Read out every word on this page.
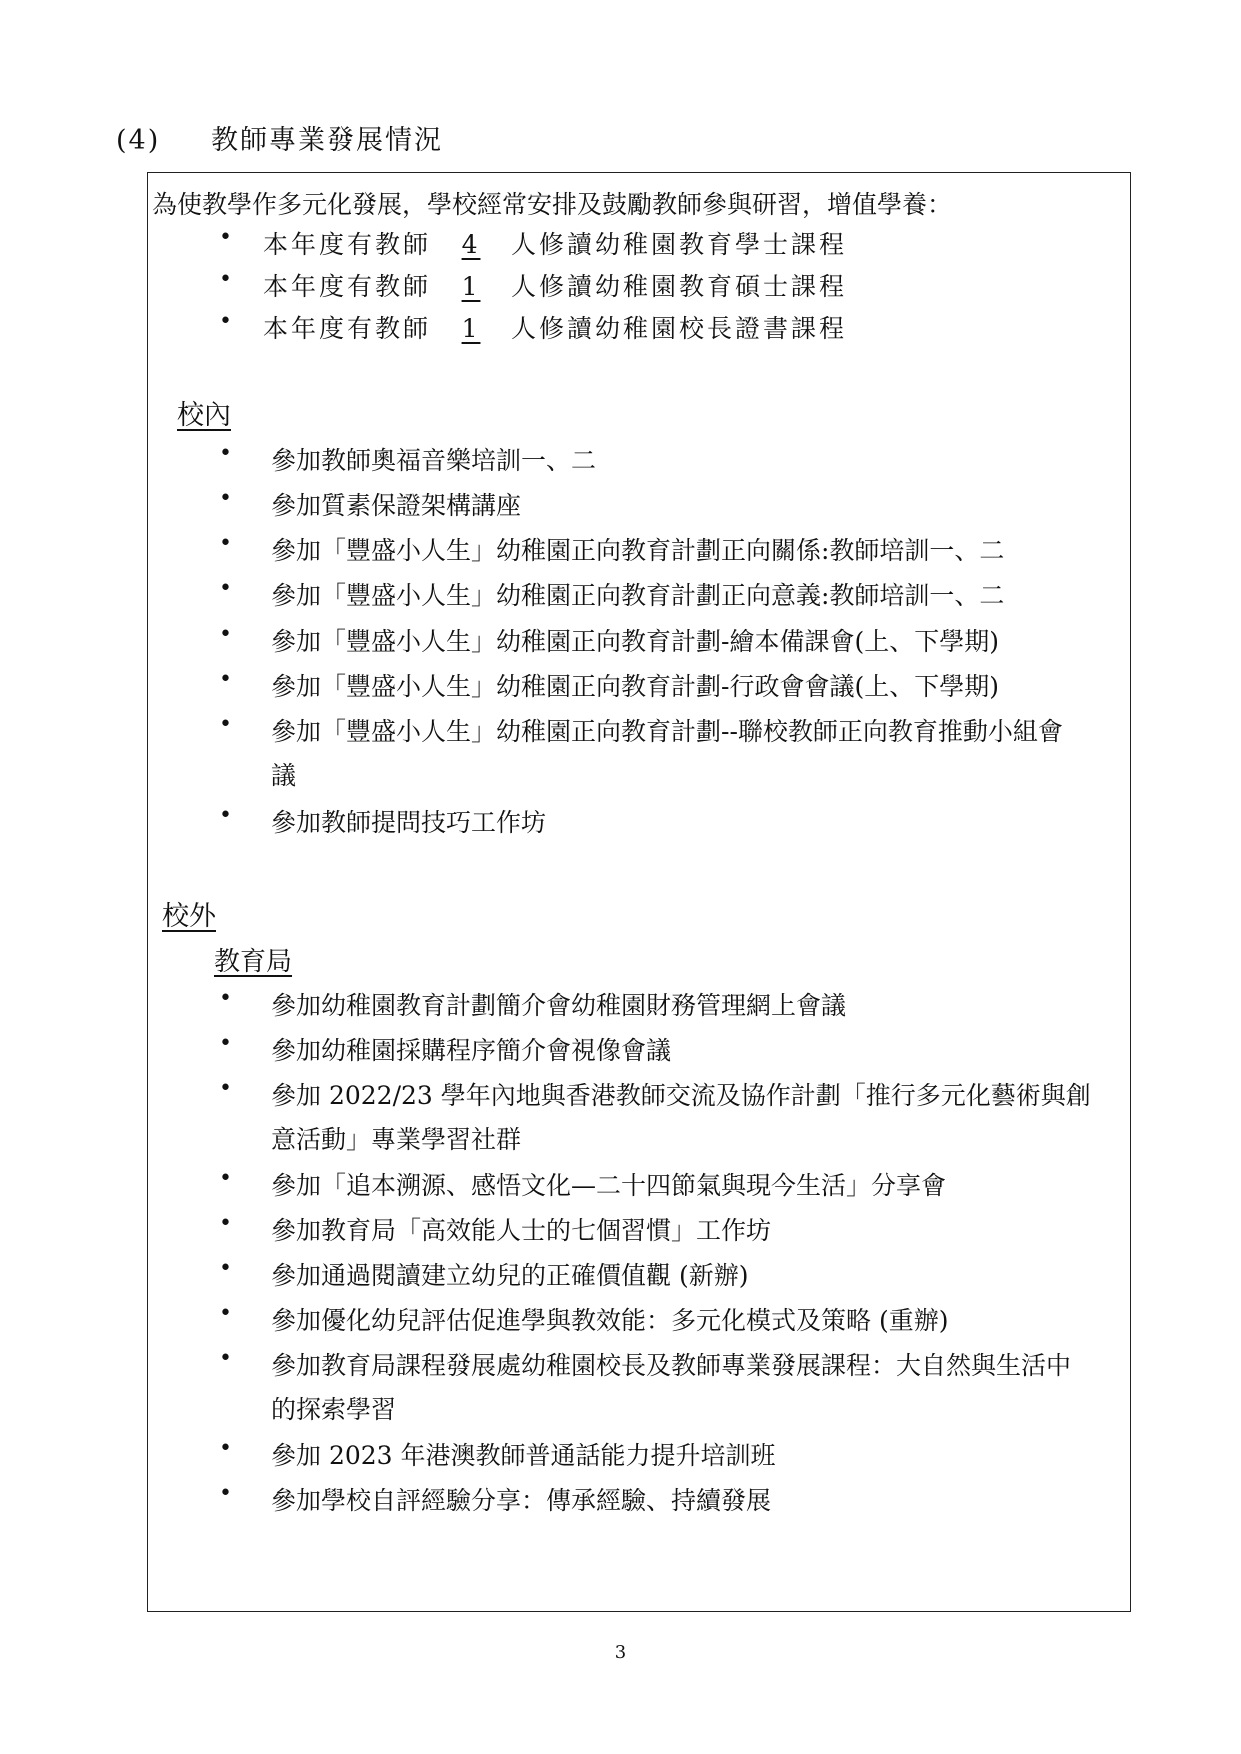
(4) 教師專業發展情況
為使教學作多元化發展，學校經常安排及鼓勵教師參與研習，增值學養：
• 本年度有教師 4 人修讀幼稚園教育學士課程
• 本年度有教師 1 人修讀幼稚園教育碩士課程
• 本年度有教師 1 人修讀幼稚園校長證書課程
校內
• 參加教師奧福音樂培訓一、二
• 參加質素保證架構講座
• 參加「豐盛小人生」幼稚園正向教育計劃正向關係:教師培訓一、二
• 參加「豐盛小人生」幼稚園正向教育計劃正向意義:教師培訓一、二
• 參加「豐盛小人生」幼稚園正向教育計劃-繪本備課會(上、下學期)
• 參加「豐盛小人生」幼稚園正向教育計劃-行政會會議(上、下學期)
• 參加「豐盛小人生」幼稚園正向教育計劃--聯校教師正向教育推動小組會
議
• 參加教師提問技巧工作坊
校外
教育局
• 參加幼稚園教育計劃簡介會幼稚園財務管理網上會議
• 參加幼稚園採購程序簡介會視像會議
• 參加 2022/23 學年內地與香港教師交流及協作計劃「推行多元化藝術與創
意活動」專業學習社群
• 參加「追本溯源、感悟文化—二十四節氣與現今生活」分享會
• 參加教育局「高效能人士的七個習慣」工作坊
• 參加通過閱讀建立幼兒的正確價值觀 (新辦)
• 參加優化幼兒評估促進學與教效能：多元化模式及策略 (重辦)
• 參加教育局課程發展處幼稚園校長及教師專業發展課程：大自然與生活中
的探索學習
• 參加 2023 年港澳教師普通話能力提升培訓班
• 參加學校自評經驗分享：傳承經驗、持續發展
3
